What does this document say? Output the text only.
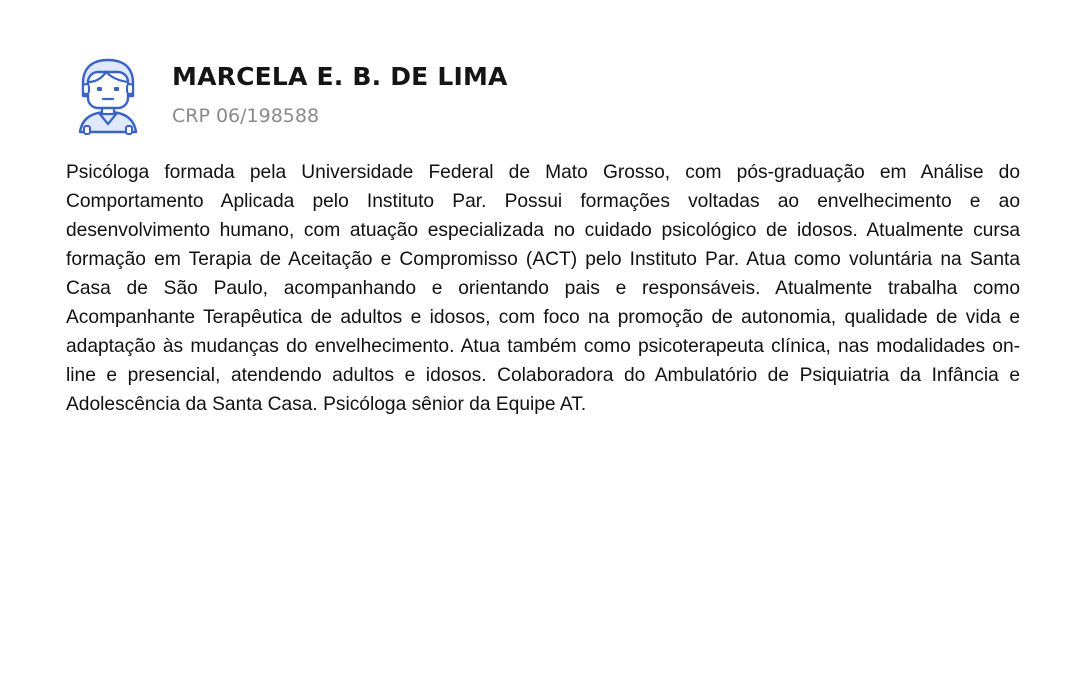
MARCELA E. B. DE LIMA
CRP 06/198588

Psicóloga formada pela Universidade Federal de Mato Grosso, com pós-graduação em Análise do Comportamento Aplicada pelo Instituto Par. Possui formações voltadas ao envelhecimento e ao desenvolvimento humano, com atuação especializada no cuidado psicológico de idosos. Atualmente cursa formação em Terapia de Aceitação e Compromisso (ACT) pelo Instituto Par. Atua como voluntária na Santa Casa de São Paulo, acompanhando e orientando pais e responsáveis. Atualmente trabalha como Acompanhante Terapêutica de adultos e idosos, com foco na promoção de autonomia, qualidade de vida e adaptação às mudanças do envelhecimento. Atua também como psicoterapeuta clínica, nas modalidades on-line e presencial, atendendo adultos e idosos. Colaboradora do Ambulatório de Psiquiatria da Infância e Adolescência da Santa Casa. Psicóloga sênior da Equipe AT.
